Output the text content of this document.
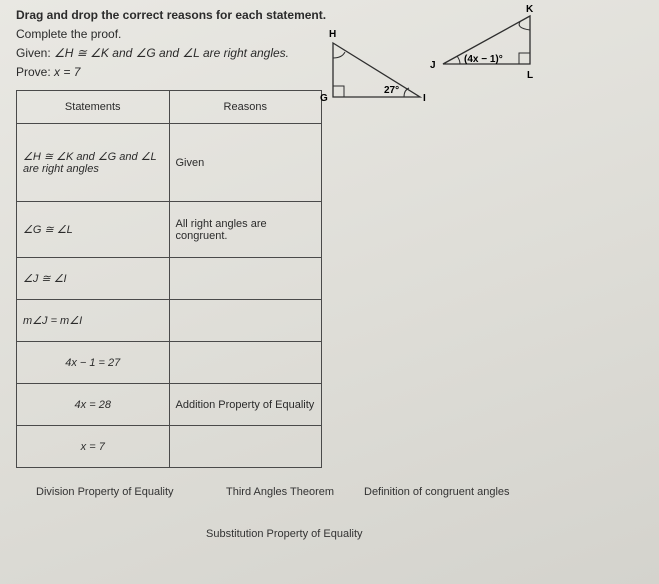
Drag and drop the correct reasons for each statement.
Complete the proof.
Given: ∠H ≅ ∠K and ∠G and ∠L are right angles.
Prove: x = 7
Statements	Reasons
∠H ≅ ∠K and ∠G and ∠L are right angles	Given
∠G ≅ ∠L	All right angles are congruent.
∠J ≅ ∠I	
m∠J = m∠I	
4x − 1 = 27	
4x = 28	Addition Property of Equality
x = 7	
Division Property of Equality	Third Angles Theorem	Definition of congruent angles
Substitution Property of Equality
H
G	I
27°
K
J
L
(4x − 1)°
